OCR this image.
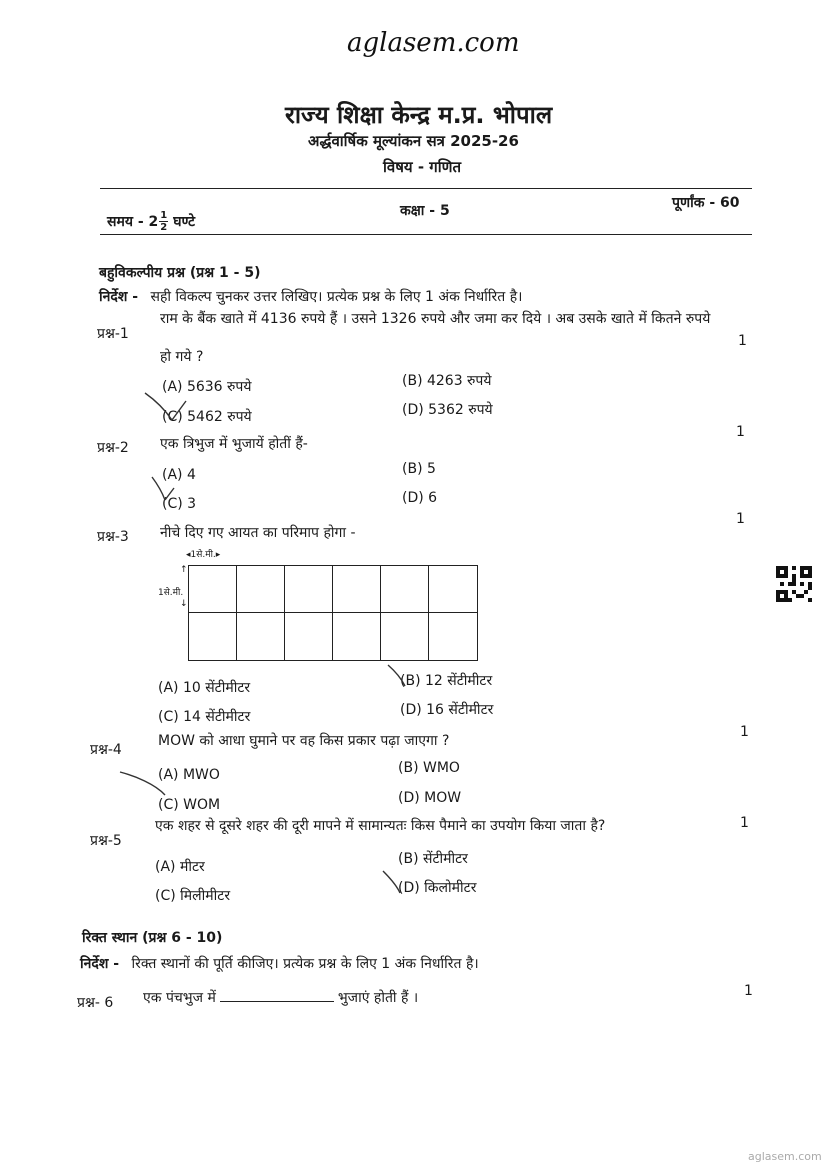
aglasem.com
राज्य शिक्षा केन्द्र म.प्र. भोपाल
अर्द्धवार्षिक मूल्यांकन सत्र 2025-26
विषय - गणित
समय - 2 1
2 घण्टे
कक्षा - 5	पूर्णांक - 60
बहुविकल्पीय प्रश्न (प्रश्न 1 - 5)
निर्देश - सही विकल्प चुनकर उत्तर लिखिए। प्रत्येक प्रश्न के लिए 1 अंक निर्धारित है।
प्रश्न-1
राम के बैंक खाते में 4136 रुपये हैं । उसने 1326 रुपये और जमा कर दिये । अब उसके खाते में कितने रुपये
हो गये ?
1
(A) 5636 रुपये	(B) 4263 रुपये
(C) 5462 रुपये	(D) 5362 रुपये
प्रश्न-2 एक त्रिभुज में भुजायें होतीं हैं-
1
(A) 4	(B) 5
(C) 3	(D) 6
प्रश्न-3 नीचे दिए गए आयत का परिमाप होगा -
1
◂1से.मी.▸
↑
1से.मी.
↓
(A) 10 सेंटीमीटर	(B) 12 सेंटीमीटर
(C) 14 सेंटीमीटर	(D) 16 सेंटीमीटर
प्रश्न-4
MOW को आधा घुमाने पर वह किस प्रकार पढ़ा जाएगा ?
1
(A) MWO	(B) WMO
(C) WOM	(D) MOW
प्रश्न-5
एक शहर से दूसरे शहर की दूरी मापने में सामान्यतः किस पैमाने का उपयोग किया जाता है?	1
(A) मीटर	(B) सेंटीमीटर
(C) मिलीमीटर	(D) किलोमीटर
रिक्त स्थान (प्रश्न 6 - 10)
निर्देश - रिक्त स्थानों की पूर्ति कीजिए। प्रत्येक प्रश्न के लिए 1 अंक निर्धारित है।
प्रश्न- 6 एक पंचभुज में	भुजाएं होती हैं ।	1
aglasem.com
